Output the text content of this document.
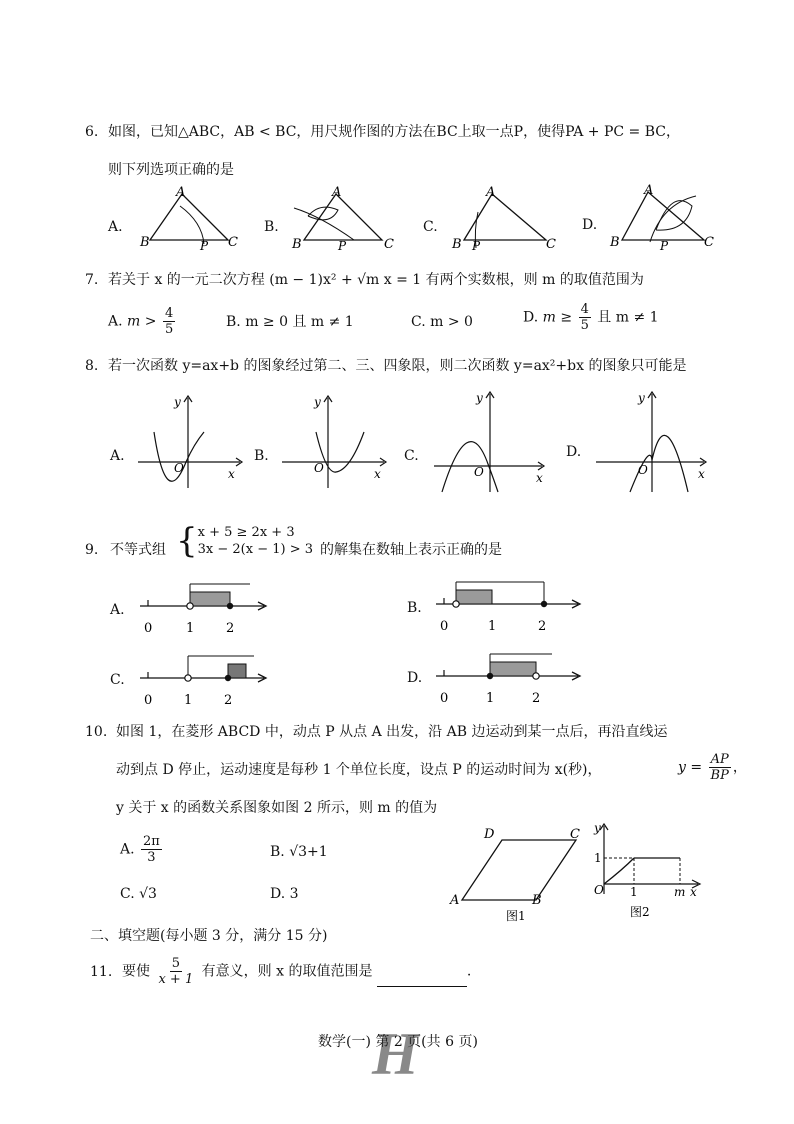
6. 如图，已知△ABC，AB < BC，用尺规作图的方法在BC上取一点P，使得PA + PC = BC，
则下列选项正确的是
A.	B.	C.	D.
A
B	C
P
A
B	C
P
A
B	C
P
A
B	C
P
7. 若关于 x 的一元二次方程 (m − 1)x² + √m x = 1 有两个实数根，则 m 的取值范围为
A. $m > \frac{4}{5}$	B. m ≥ 0 且 m ≠ 1	C. m > 0	D. $m \ge \frac{4}{5}$ 且 m ≠ 1
8. 若一次函数 y=ax+b 的图象经过第二、三、四象限，则二次函数 y=ax²+bx 的图象只可能是
A.	B.	C.	D.
O	x
y
O	x
y
O	x
y	y
x
O
9. 不等式组 { x + 5 ≥ 2x + 3
3x − 2(x − 1) > 3 的解集在数轴上表示正确的是
A.
0	1 2
B.
0	1	2
C.
0 1 2
D.
0	1	2
10. 如图 1，在菱形 ABCD 中，动点 P 从点 A 出发，沿 AB 边运动到某一点后，再沿直线运
动到点 D 停止，运动速度是每秒 1 个单位长度，设点 P 的运动时间为 x(秒)，	$y = \frac{AP}{BP}$ ，
y 关于 x 的函数关系图象如图 2 所示，则 m 的值为
A. $\frac{2\pi}{3}$	B. √3+1
C. √3	D. 3
D	C
A	B
图1
y
1
O 1	m x
图2
二、填空题(每小题 3 分，满分 15 分)
11. 要使 $\frac{5}{x + 1}$ 有意义，则 x 的取值范围是	.
数学(一) 第 2 页(共 6 页)
H
